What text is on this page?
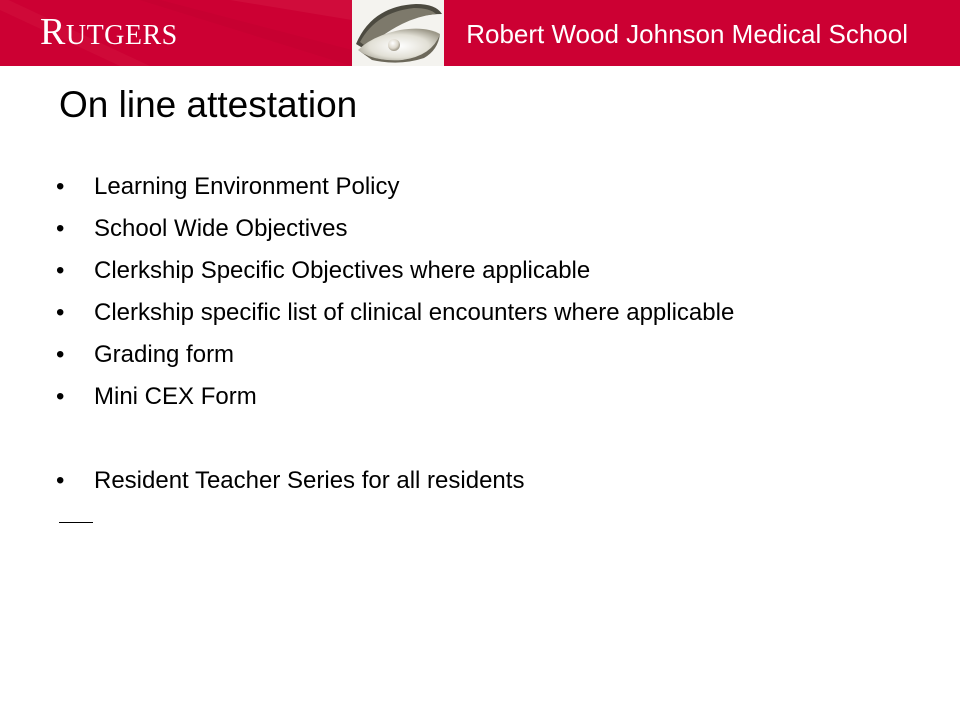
RUTGERS	Robert Wood Johnson Medical School
On line attestation
• Learning Environment Policy
• School Wide Objectives
• Clerkship Specific Objectives where applicable
• Clerkship specific list of clinical encounters where applicable
• Grading form
• Mini CEX Form
• Resident Teacher Series for all residents
